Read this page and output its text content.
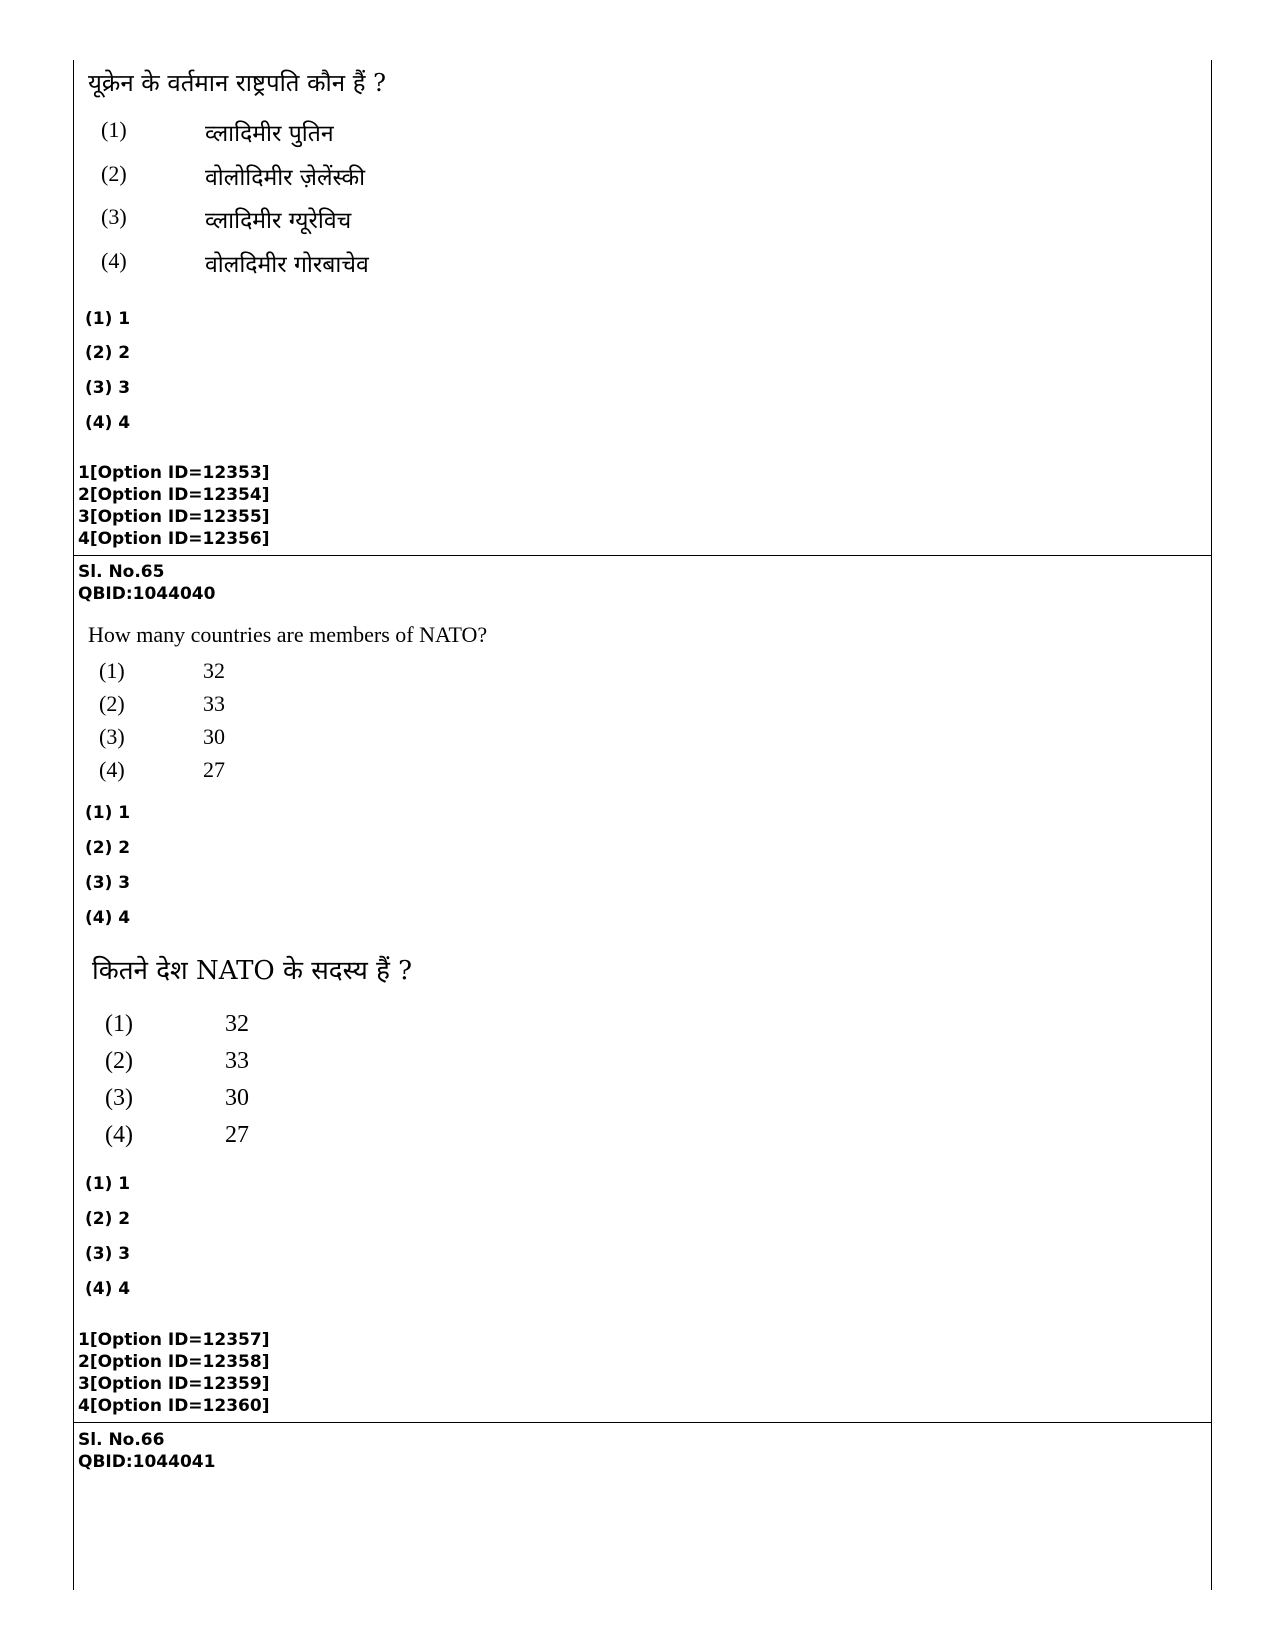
यूक्रेन के वर्तमान राष्ट्रपति कौन हैं ?
(1)	व्लादिमीर पुतिन
(2)	वोलोदिमीर ज़ेलेंस्की
(3)	व्लादिमीर ग्यूरेविच
(4)	वोलदिमीर गोरबाचेव
(1) 1
(2) 2
(3) 3
(4) 4
1[Option ID=12353]
2[Option ID=12354]
3[Option ID=12355]
4[Option ID=12356]
Sl. No.65
QBID:1044040
How many countries are members of NATO?
(1)	32
(2)	33
(3)	30
(4)	27
(1) 1
(2) 2
(3) 3
(4) 4
कितने देश NATO के सदस्य हैं ?
(1)	32
(2)	33
(3)	30
(4)	27
(1) 1
(2) 2
(3) 3
(4) 4
1[Option ID=12357]
2[Option ID=12358]
3[Option ID=12359]
4[Option ID=12360]
Sl. No.66
QBID:1044041
